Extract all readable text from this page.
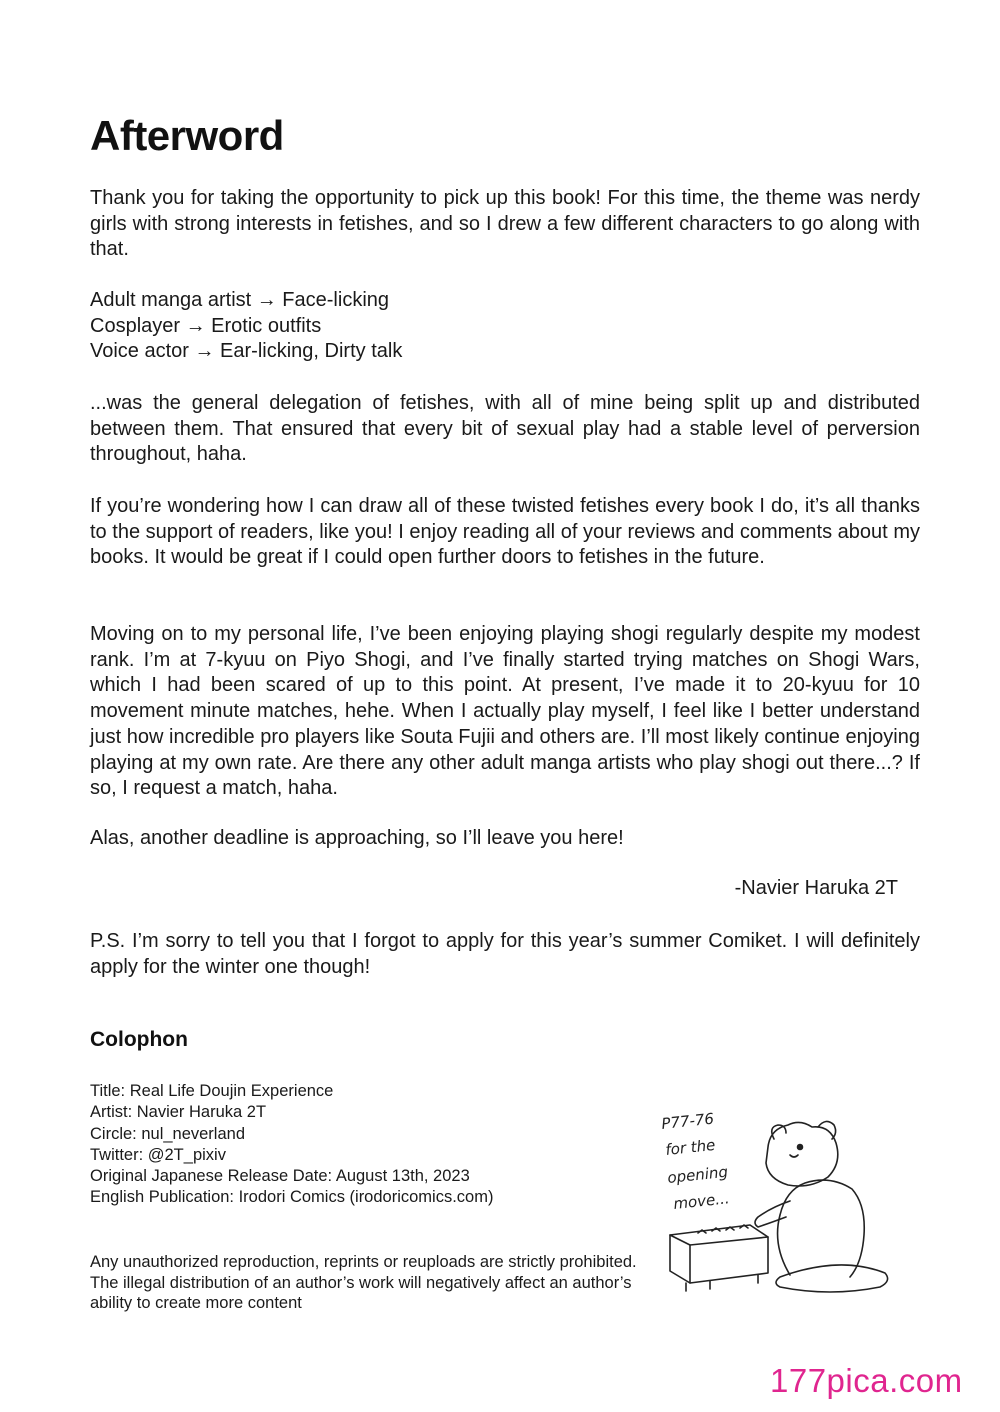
Afterword
Thank you for taking the opportunity to pick up this book! For this time, the theme was nerdy girls with strong interests in fetishes, and so I drew a few different characters to go along with that.
Adult manga artist → Face-licking
Cosplayer → Erotic outfits
Voice actor → Ear-licking, Dirty talk
...was the general delegation of fetishes, with all of mine being split up and distributed between them. That ensured that every bit of sexual play had a stable level of perversion throughout, haha.
If you’re wondering how I can draw all of these twisted fetishes every book I do, it’s all thanks to the support of readers, like you! I enjoy reading all of your reviews and comments about my books. It would be great if I could open further doors to fetishes in the future.
Moving on to my personal life, I’ve been enjoying playing shogi regularly despite my modest rank. I’m at 7-kyuu on Piyo Shogi, and I’ve finally started trying matches on Shogi Wars, which I had been scared of up to this point. At present, I’ve made it to 20-kyuu for 10 movement minute matches, hehe. When I actually play myself, I feel like I better understand just how incredible pro players like Souta Fujii and others are. I’ll most likely continue enjoying playing at my own rate. Are there any other adult manga artists who play shogi out there...? If so, I request a match, haha.
Alas, another deadline is approaching, so I’ll leave you here!
-Navier Haruka 2T
P.S. I’m sorry to tell you that I forgot to apply for this year’s summer Comiket. I will definitely apply for the winter one though!
Colophon
Title: Real Life Doujin Experience
Artist: Navier Haruka 2T
Circle: nul_neverland
Twitter: @2T_pixiv
Original Japanese Release Date: August 13th, 2023
English Publication: Irodori Comics (irodoricomics.com)
Any unauthorized reproduction, reprints or reuploads are strictly prohibited. The illegal distribution of an author’s work will negatively affect an author’s ability to create more content
P77-76
for the
opening
move...
177pica.com
